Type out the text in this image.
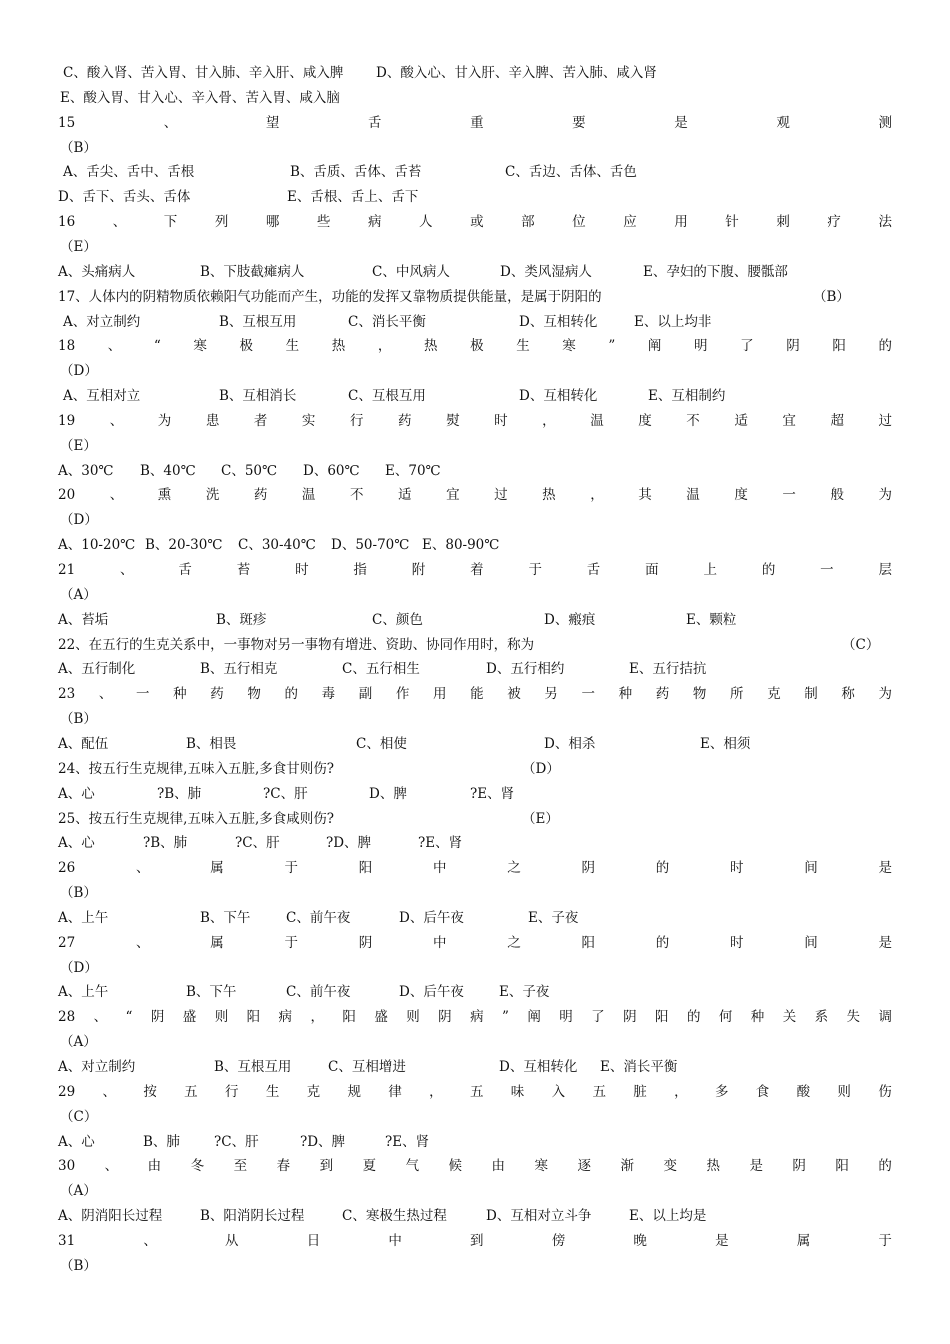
C、酸入肾、苦入胃、甘入肺、辛入肝、咸入脾 D、酸入心、甘入肝、辛入脾、苦入肺、咸入肾
E、酸入胃、甘入心、辛入骨、苦入胃、咸入脑
15	、	望	舌	重	要	是	观	测
（B）
A、舌尖、舌中、舌根	B、舌质、舌体、舌苔	C、舌边、舌体、舌色
D、舌下、舌头、舌体	E、舌根、舌上、舌下
16	、	下	列	哪	些	病	人	或	部	位	应	用	针	刺	疗	法
（E）
A、头痛病人	B、下肢截瘫病人	C、中风病人	D、类风湿病人	E、孕妇的下腹、腰骶部
17、人体内的阴精物质依赖阳气功能而产生，功能的发挥又靠物质提供能量，是属于阴阳的	（B）
A、对立制约	B、互根互用	C、消长平衡	D、互相转化	E、以上均非
18 、 “ 寒 极 生 热 ， 热 极 生 寒 ” 阐 明 了 阴 阳 的
（D）
A、互相对立	B、互相消长	C、互根互用	D、互相转化	E、互相制约
19	、	为	患	者	实	行	药	熨	时	，	温	度	不	适	宜	超	过
（E）
A、30℃ B、40℃ C、50℃ D、60℃ E、70℃
20	、	熏	洗	药	温	不	适	宜	过	热	，	其	温	度	一	般	为
（D）
A、10-20℃ B、20-30℃ C、30-40℃ D、50-70℃ E、80-90℃
21	、	舌	苔	时	指	附	着	于	舌	面	上	的	一	层
（A）
A、苔垢	B、斑疹	C、颜色	D、瘢痕	E、颗粒
22、在五行的生克关系中，一事物对另一事物有增进、资助、协同作用时，称为	（C）
A、五行制化	B、五行相克	C、五行相生	D、五行相约	E、五行拮抗
23 、 一 种 药 物 的 毒 副 作 用 能 被 另 一 种 药 物 所 克 制 称 为
（B）
A、配伍	B、相畏	C、相使	D、相杀	E、相须
24、按五行生克规律,五味入五脏,多食甘则伤?	（D）
A、心	?B、肺	?C、肝	D、脾	?E、肾
25、按五行生克规律,五味入五脏,多食咸则伤?	（E）
A、心	?B、肺	?C、肝	?D、脾	?E、肾
26	、	属	于	阳	中	之	阴	的	时	间	是
（B）
A、上午	B、下午	C、前午夜	D、后午夜	E、子夜
27	、	属	于	阴	中	之	阳	的	时	间	是
（D）
A、上午	B、下午	C、前午夜	D、后午夜	E、子夜
28 、 “ 阴 盛 则 阳 病 ， 阳 盛 则 阴 病 ” 阐 明 了 阴 阳 的 何 种 关 系 失 调
（A）
A、对立制约	B、互根互用	C、互相增进	D、互相转化 E、消长平衡
29 、 按 五 行 生 克 规 律 ， 五 味 入 五 脏 ， 多 食 酸 则 伤
（C）
A、心	B、肺	?C、肝	?D、脾	?E、肾
30 、 由 冬 至 春 到 夏 气 候 由 寒 逐 渐 变 热 是 阴 阳 的
（A）
A、阴消阳长过程	B、阳消阴长过程	C、寒极生热过程	D、互相对立斗争	E、以上均是
31	、	从	日	中	到	傍	晚	是	属	于
（B）
